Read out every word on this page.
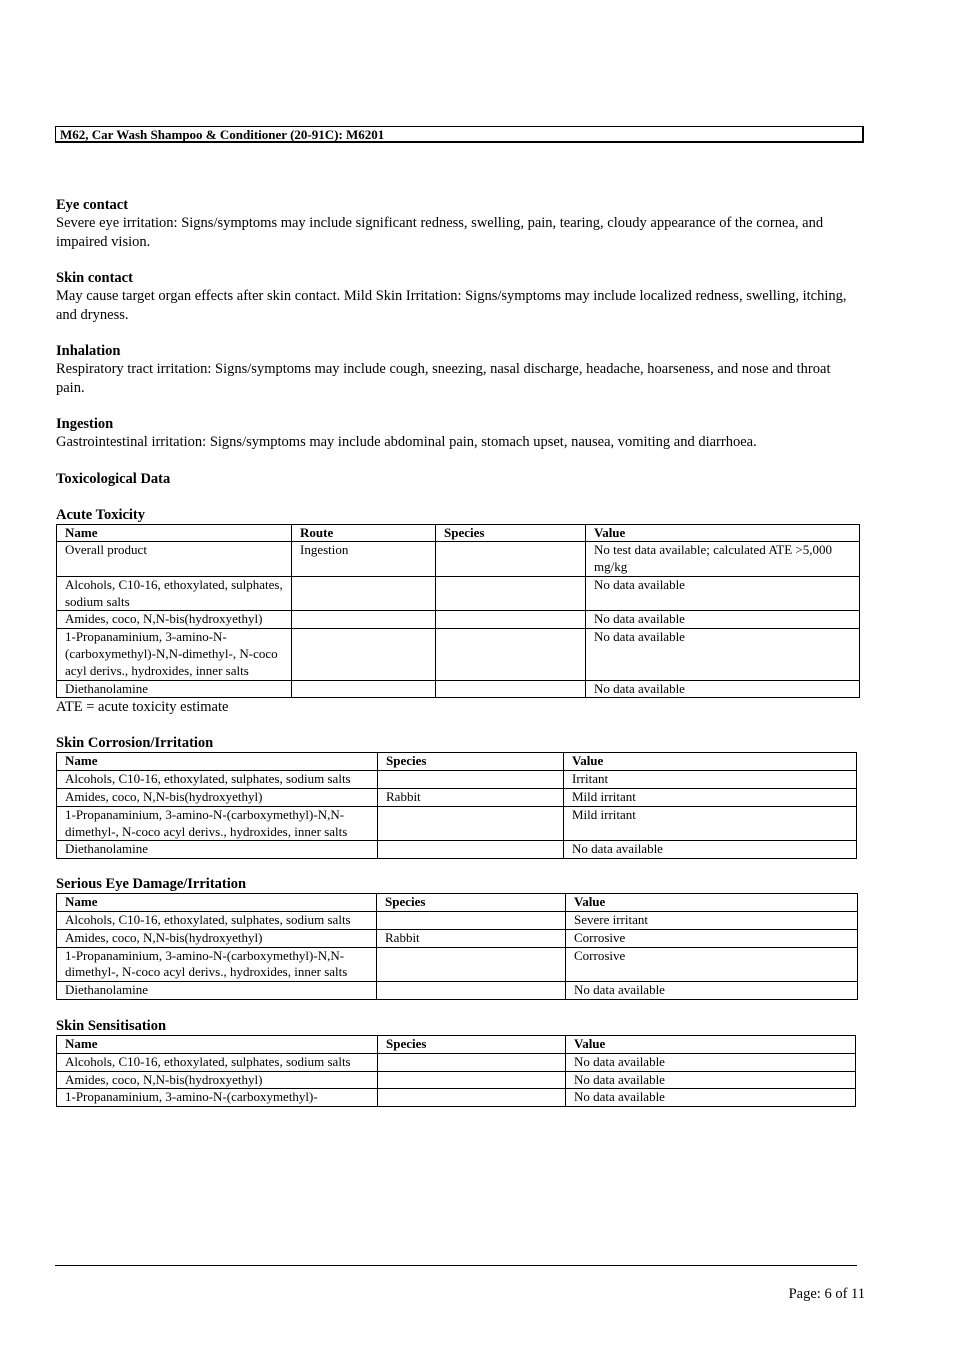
M62, Car Wash Shampoo & Conditioner (20-91C): M6201
Eye contact
Severe eye irritation: Signs/symptoms may include significant redness, swelling, pain, tearing, cloudy appearance of the cornea, and impaired vision.
Skin contact
May cause target organ effects after skin contact. Mild Skin Irritation: Signs/symptoms may include localized redness, swelling, itching, and dryness.
Inhalation
Respiratory tract irritation: Signs/symptoms may include cough, sneezing, nasal discharge, headache, hoarseness, and nose and throat pain.
Ingestion
Gastrointestinal irritation: Signs/symptoms may include abdominal pain, stomach upset, nausea, vomiting and diarrhoea.
Toxicological Data
Acute Toxicity
Name	Route	Species	Value
Overall product	Ingestion		No test data available; calculated ATE >5,000 mg/kg
Alcohols, C10-16, ethoxylated, sulphates, sodium salts			No data available
Amides, coco, N,N-bis(hydroxyethyl)			No data available
1-Propanaminium, 3-amino-N-(carboxymethyl)-N,N-dimethyl-, N-coco acyl derivs., hydroxides, inner salts			No data available
Diethanolamine			No data available
ATE = acute toxicity estimate
Skin Corrosion/Irritation
Name	Species	Value
Alcohols, C10-16, ethoxylated, sulphates, sodium salts		Irritant
Amides, coco, N,N-bis(hydroxyethyl)	Rabbit	Mild irritant
1-Propanaminium, 3-amino-N-(carboxymethyl)-N,N-dimethyl-, N-coco acyl derivs., hydroxides, inner salts		Mild irritant
Diethanolamine		No data available
Serious Eye Damage/Irritation
Name	Species	Value
Alcohols, C10-16, ethoxylated, sulphates, sodium salts		Severe irritant
Amides, coco, N,N-bis(hydroxyethyl)	Rabbit	Corrosive
1-Propanaminium, 3-amino-N-(carboxymethyl)-N,N-dimethyl-, N-coco acyl derivs., hydroxides, inner salts		Corrosive
Diethanolamine		No data available
Skin Sensitisation
Name	Species	Value
Alcohols, C10-16, ethoxylated, sulphates, sodium salts		No data available
Amides, coco, N,N-bis(hydroxyethyl)		No data available
1-Propanaminium, 3-amino-N-(carboxymethyl)-		No data available
Page: 6 of 11
